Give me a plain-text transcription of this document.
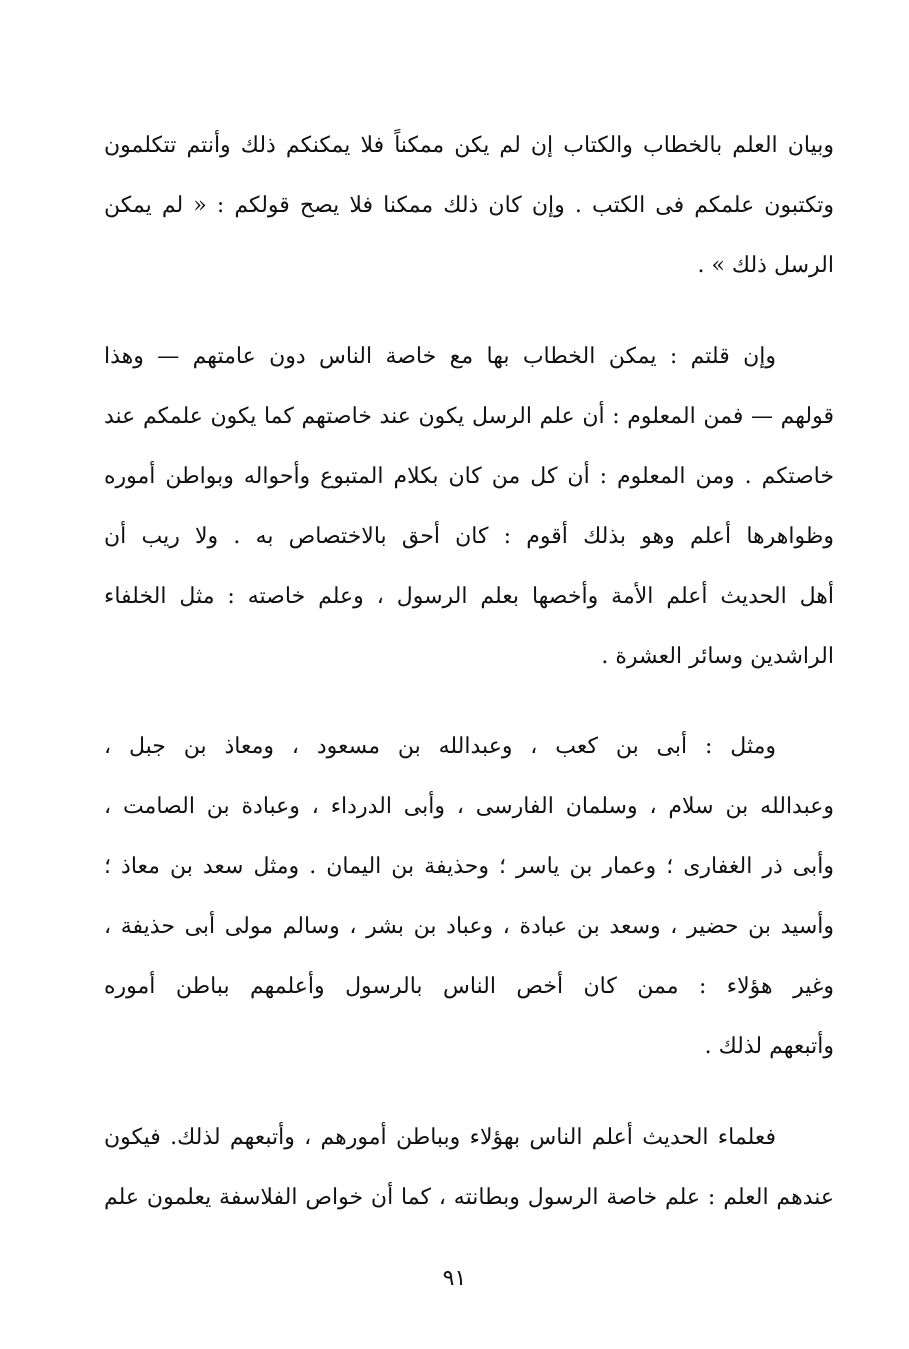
وبيان العلم بالخطاب والكتاب إن لم يكن ممكناً فلا يمكنكم ذلك وأنتم تتكلمون
وتكتبون علمكم فى الكتب . وإن كان ذلك ممكنا فلا يصح قولكم : « لم يمكن
الرسل ذلك » .
وإن قلتم : يمكن الخطاب بها مع خاصة الناس دون عامتهم — وهذا
قولهم — فمن المعلوم : أن علم الرسل يكون عند خاصتهم كما يكون علمكم عند
خاصتكم . ومن المعلوم : أن كل من كان بكلام المتبوع وأحواله وبواطن أموره
وظواهرها أعلم وهو بذلك أقوم : كان أحق بالاختصاص به . ولا ريب أن
أهل الحديث أعلم الأمة وأخصها بعلم الرسول ، وعلم خاصته : مثل الخلفاء
الراشدين وسائر العشرة .
ومثل : أبى بن كعب ، وعبدالله بن مسعود ، ومعاذ بن جبل ،
وعبدالله بن سلام ، وسلمان الفارسى ، وأبى الدرداء ، وعبادة بن الصامت ،
وأبى ذر الغفارى ؛ وعمار بن ياسر ؛ وحذيفة بن اليمان . ومثل سعد بن معاذ ؛
وأسيد بن حضير ، وسعد بن عبادة ، وعباد بن بشر ، وسالم مولى أبى حذيفة ،
وغير هؤلاء : ممن كان أخص الناس بالرسول وأعلمهم بباطن أموره
وأتبعهم لذلك .
فعلماء الحديث أعلم الناس بهؤلاء وبباطن أمورهم ، وأتبعهم لذلك. فيكون
عندهم العلم : علم خاصة الرسول وبطانته ، كما أن خواص الفلاسفة يعلمون علم
٩١
